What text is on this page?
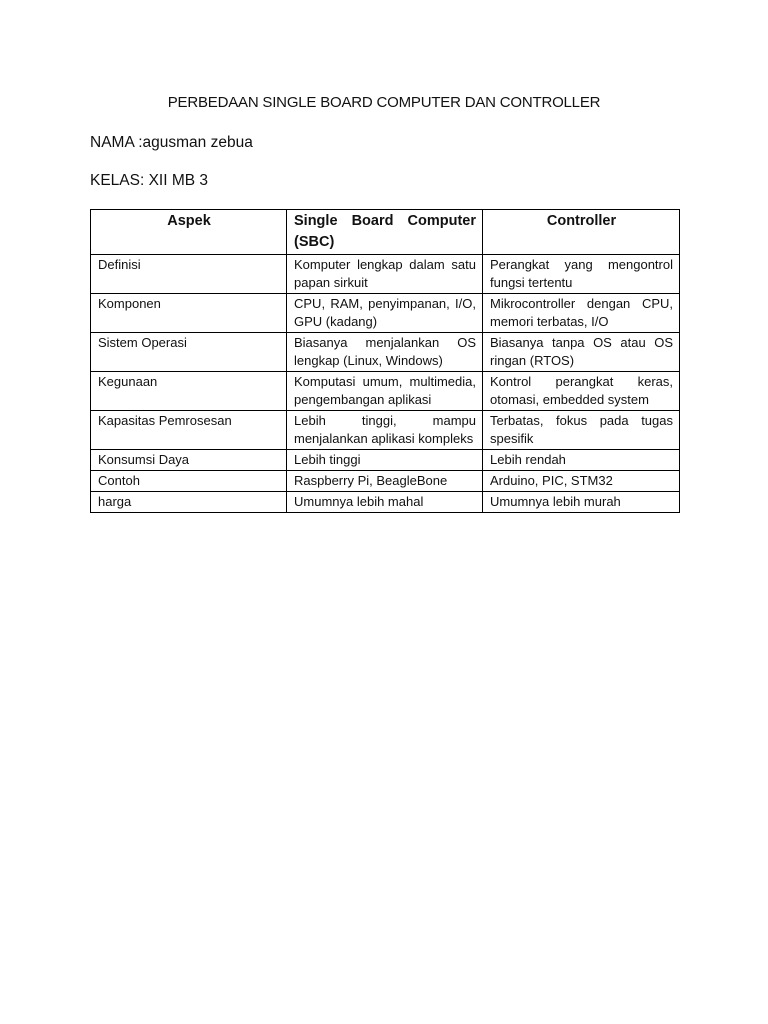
PERBEDAAN SINGLE BOARD COMPUTER DAN CONTROLLER
NAMA :agusman zebua
KELAS: XII MB 3
Aspek	Single Board Computer (SBC)	Controller
Definisi	Komputer lengkap dalam satu papan sirkuit	Perangkat yang mengontrol fungsi tertentu
Komponen	CPU, RAM, penyimpanan, I/O, GPU (kadang)	Mikrocontroller dengan CPU, memori terbatas, I/O
Sistem Operasi	Biasanya menjalankan OS lengkap (Linux, Windows)	Biasanya tanpa OS atau OS ringan (RTOS)
Kegunaan	Komputasi umum, multimedia, pengembangan aplikasi	Kontrol perangkat keras, otomasi, embedded system
Kapasitas Pemrosesan	Lebih tinggi, mampu menjalankan aplikasi kompleks	Terbatas, fokus pada tugas spesifik
Konsumsi Daya	Lebih tinggi	Lebih rendah
Contoh	Raspberry Pi, BeagleBone	Arduino, PIC, STM32
harga	Umumnya lebih mahal	Umumnya lebih murah
